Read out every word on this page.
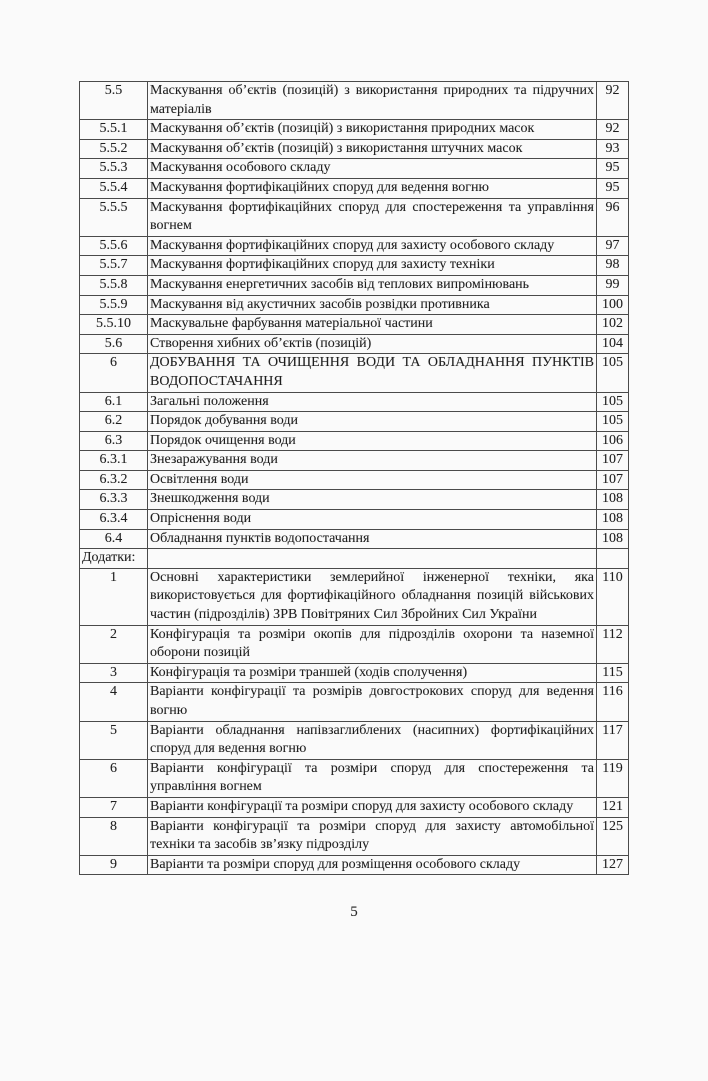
5.5	Маскування об’єктів (позицій) з використання природних та підручних матеріалів	92
5.5.1	Маскування об’єктів (позицій) з використання природних масок	92
5.5.2	Маскування об’єктів (позицій) з використання штучних масок	93
5.5.3	Маскування особового складу	95
5.5.4	Маскування фортифікаційних споруд для ведення вогню	95
5.5.5	Маскування фортифікаційних споруд для спостереження та управління вогнем	96
5.5.6	Маскування фортифікаційних споруд для захисту особового складу	97
5.5.7	Маскування фортифікаційних споруд для захисту техніки	98
5.5.8	Маскування енергетичних засобів від теплових випромінювань	99
5.5.9	Маскування від акустичних засобів розвідки противника	100
5.5.10	Маскувальне фарбування матеріальної частини	102
5.6	Створення хибних об’єктів (позицій)	104
6	ДОБУВАННЯ ТА ОЧИЩЕННЯ ВОДИ ТА ОБЛАДНАННЯ ПУНКТІВ ВОДОПОСТАЧАННЯ	105
6.1	Загальні положення	105
6.2	Порядок добування води	105
6.3	Порядок очищення води	106
6.3.1	Знезаражування води	107
6.3.2	Освітлення води	107
6.3.3	Знешкодження води	108
6.3.4	Опріснення води	108
6.4	Обладнання пунктів водопостачання	108
Додатки:		
1	Основні характеристики землерийної інженерної техніки, яка використовується для фортифікаційного обладнання позицій військових частин (підрозділів) ЗРВ Повітряних Сил Збройних Сил України	110
2	Конфігурація та розміри окопів для підрозділів охорони та наземної оборони позицій	112
3	Конфігурація та розміри траншей (ходів сполучення)	115
4	Варіанти конфігурації та розмірів довгострокових споруд для ведення вогню	116
5	Варіанти обладнання напівзаглиблених (насипних) фортифікаційних споруд для ведення вогню	117
6	Варіанти конфігурації та розміри споруд для спостереження та управління вогнем	119
7	Варіанти конфігурації та розміри споруд для захисту особового складу	121
8	Варіанти конфігурації та розміри споруд для захисту автомобільної техніки та засобів зв’язку підрозділу	125
9	Варіанти та розміри споруд для розміщення особового складу	127
5
